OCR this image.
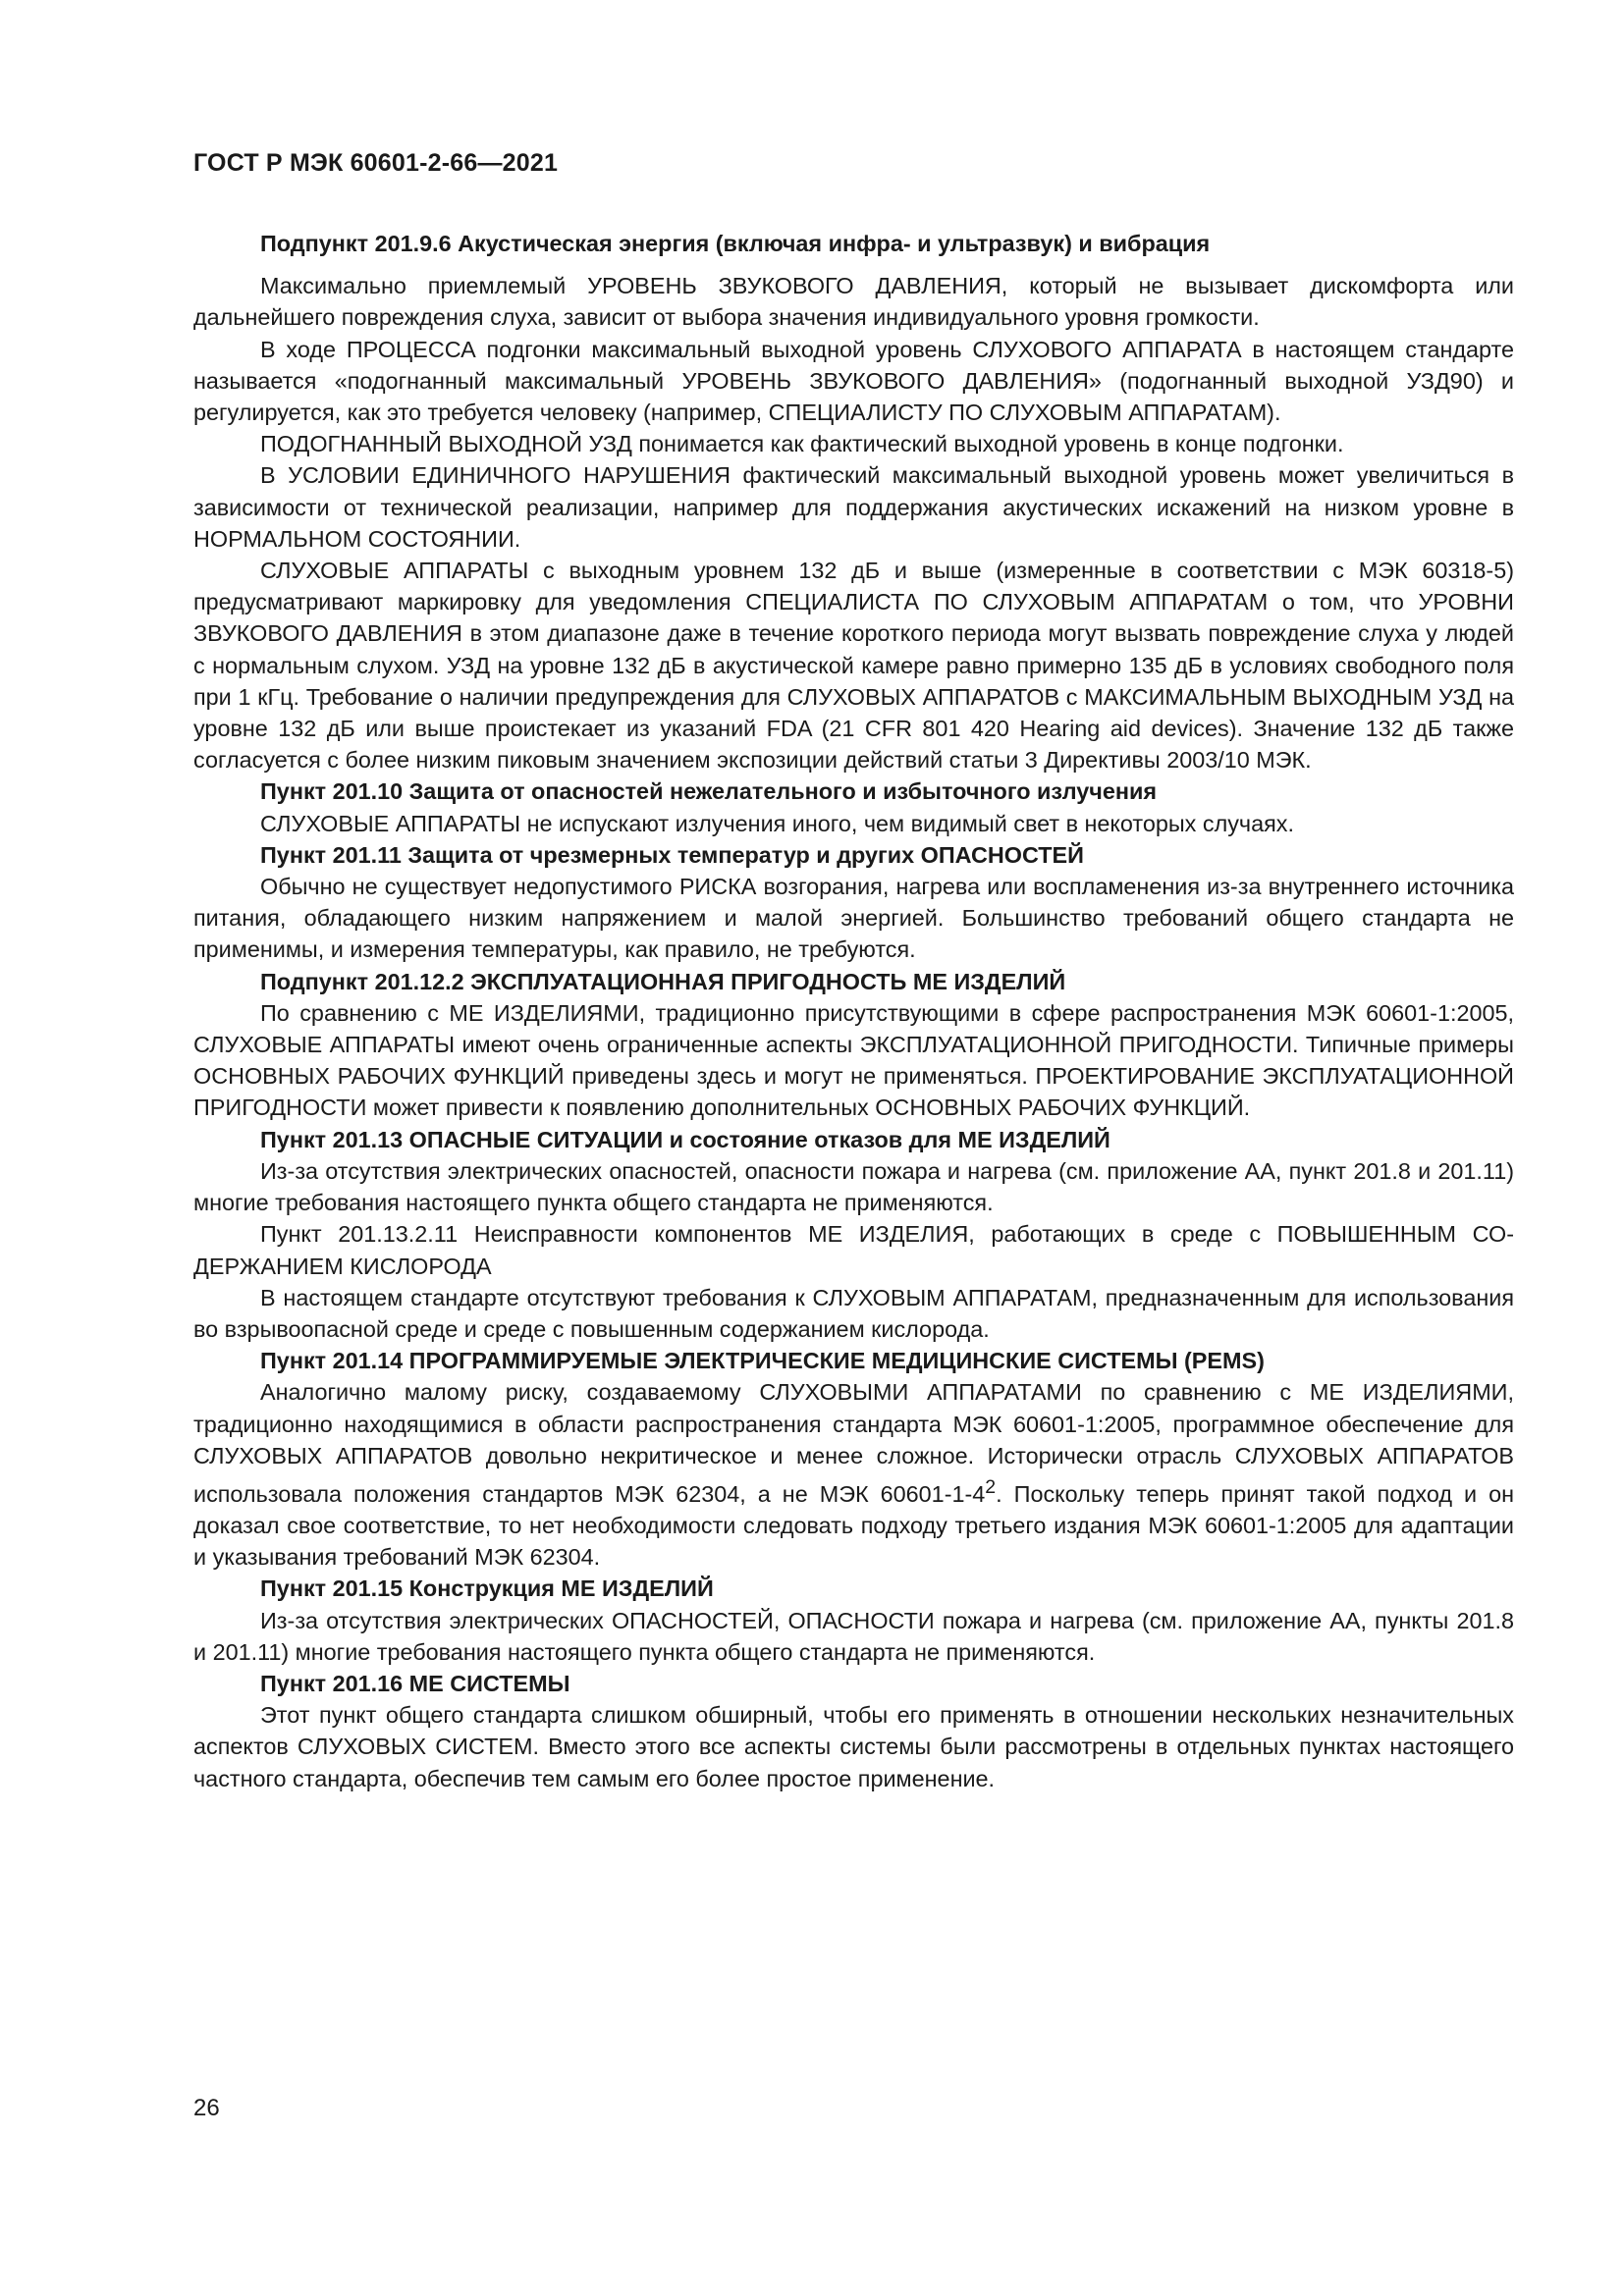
ГОСТ Р МЭК 60601-2-66—2021

Подпункт 201.9.6 Акустическая энергия (включая инфра- и ультразвук) и вибрация

Максимально приемлемый УРОВЕНЬ ЗВУКОВОГО ДАВЛЕНИЯ, который не вызывает дискомфорта или дальнейшего повреждения слуха, зависит от выбора значения индивидуального уровня громкости.

В ходе ПРОЦЕССА подгонки максимальный выходной уровень СЛУХОВОГО АППАРАТА в настоящем стандарте называется «подогнанный максимальный УРОВЕНЬ ЗВУКОВОГО ДАВЛЕНИЯ» (подогнанный выходной УЗД90) и регулируется, как это требуется человеку (например, СПЕЦИАЛИСТУ ПО СЛУХОВЫМ АППАРАТАМ).

ПОДОГНАННЫЙ ВЫХОДНОЙ УЗД понимается как фактический выходной уровень в конце подгонки.

В УСЛОВИИ ЕДИНИЧНОГО НАРУШЕНИЯ фактический максимальный выходной уровень может увеличиться в зависимости от технической реализации, например для поддержания акустических искажений на низком уровне в НОРМАЛЬНОМ СОСТОЯНИИ.

СЛУХОВЫЕ АППАРАТЫ с выходным уровнем 132 дБ и выше (измеренные в соответствии с МЭК 60318-5) предусматривают маркировку для уведомления СПЕЦИАЛИСТА ПО СЛУХОВЫМ АППАРАТАМ о том, что УРОВНИ ЗВУКОВОГО ДАВЛЕНИЯ в этом диапазоне даже в течение короткого периода могут вызвать повреждение слуха у людей с нормальным слухом. УЗД на уровне 132 дБ в акустической камере равно примерно 135 дБ в условиях свободного поля при 1 кГц. Требование о наличии предупреждения для СЛУХОВЫХ АППАРАТОВ с МАКСИМАЛЬНЫМ ВЫХОДНЫМ УЗД на уровне 132 дБ или выше проистекает из указаний FDA (21 CFR 801 420 Hearing aid devices). Значение 132 дБ также согласуется с более низким пиковым значением экспозиции действий статьи 3 Директивы 2003/10 МЭК.

Пункт 201.10 Защита от опасностей нежелательного и избыточного излучения

СЛУХОВЫЕ АППАРАТЫ не испускают излучения иного, чем видимый свет в некоторых случаях.

Пункт 201.11 Защита от чрезмерных температур и других ОПАСНОСТЕЙ

Обычно не существует недопустимого РИСКА возгорания, нагрева или воспламенения из-за внутреннего источника питания, обладающего низким напряжением и малой энергией. Большинство требований общего стандарта не применимы, и измерения температуры, как правило, не требуются.

Подпункт 201.12.2 ЭКСПЛУАТАЦИОННАЯ ПРИГОДНОСТЬ МЕ ИЗДЕЛИЙ

По сравнению с МЕ ИЗДЕЛИЯМИ, традиционно присутствующими в сфере распространения МЭК 60601-1:2005, СЛУХОВЫЕ АППАРАТЫ имеют очень ограниченные аспекты ЭКСПЛУАТАЦИОННОЙ ПРИГОДНОСТИ. Типичные примеры ОСНОВНЫХ РАБОЧИХ ФУНКЦИЙ приведены здесь и могут не применяться. ПРОЕКТИРОВАНИЕ ЭКСПЛУАТАЦИОННОЙ ПРИГОДНОСТИ может привести к появлению дополнительных ОСНОВНЫХ РАБОЧИХ ФУНКЦИЙ.

Пункт 201.13 ОПАСНЫЕ СИТУАЦИИ и состояние отказов для МЕ ИЗДЕЛИЙ

Из-за отсутствия электрических опасностей, опасности пожара и нагрева (см. приложение АА, пункт 201.8 и 201.11) многие требования настоящего пункта общего стандарта не применяются.

Пункт 201.13.2.11 Неисправности компонентов МЕ ИЗДЕЛИЯ, работающих в среде с ПОВЫШЕННЫМ СОДЕРЖАНИЕМ КИСЛОРОДА

В настоящем стандарте отсутствуют требования к СЛУХОВЫМ АППАРАТАМ, предназначенным для использования во взрывоопасной среде и среде с повышенным содержанием кислорода.

Пункт 201.14 ПРОГРАММИРУЕМЫЕ ЭЛЕКТРИЧЕСКИЕ МЕДИЦИНСКИЕ СИСТЕМЫ (PEMS)

Аналогично малому риску, создаваемому СЛУХОВЫМИ АППАРАТАМИ по сравнению с МЕ ИЗДЕЛИЯМИ, традиционно находящимися в области распространения стандарта МЭК 60601-1:2005, программное обеспечение для СЛУХОВЫХ АППАРАТОВ довольно некритическое и менее сложное. Исторически отрасль СЛУХОВЫХ АППАРАТОВ использовала положения стандартов МЭК 62304, а не МЭК $60601-1-4^2$. Поскольку теперь принят такой подход и он доказал свое соответствие, то нет необходимости следовать подходу третьего издания МЭК 60601-1:2005 для адаптации и указывания требований МЭК 62304.

Пункт 201.15 Конструкция МЕ ИЗДЕЛИЙ

Из-за отсутствия электрических ОПАСНОСТЕЙ, ОПАСНОСТИ пожара и нагрева (см. приложение АА, пункты 201.8 и 201.11) многие требования настоящего пункта общего стандарта не применяются.

Пункт 201.16 МЕ СИСТЕМЫ

Этот пункт общего стандарта слишком обширный, чтобы его применять в отношении нескольких незначительных аспектов СЛУХОВЫХ СИСТЕМ. Вместо этого все аспекты системы были рассмотрены в отдельных пунктах настоящего частного стандарта, обеспечив тем самым его более простое применение.

26
